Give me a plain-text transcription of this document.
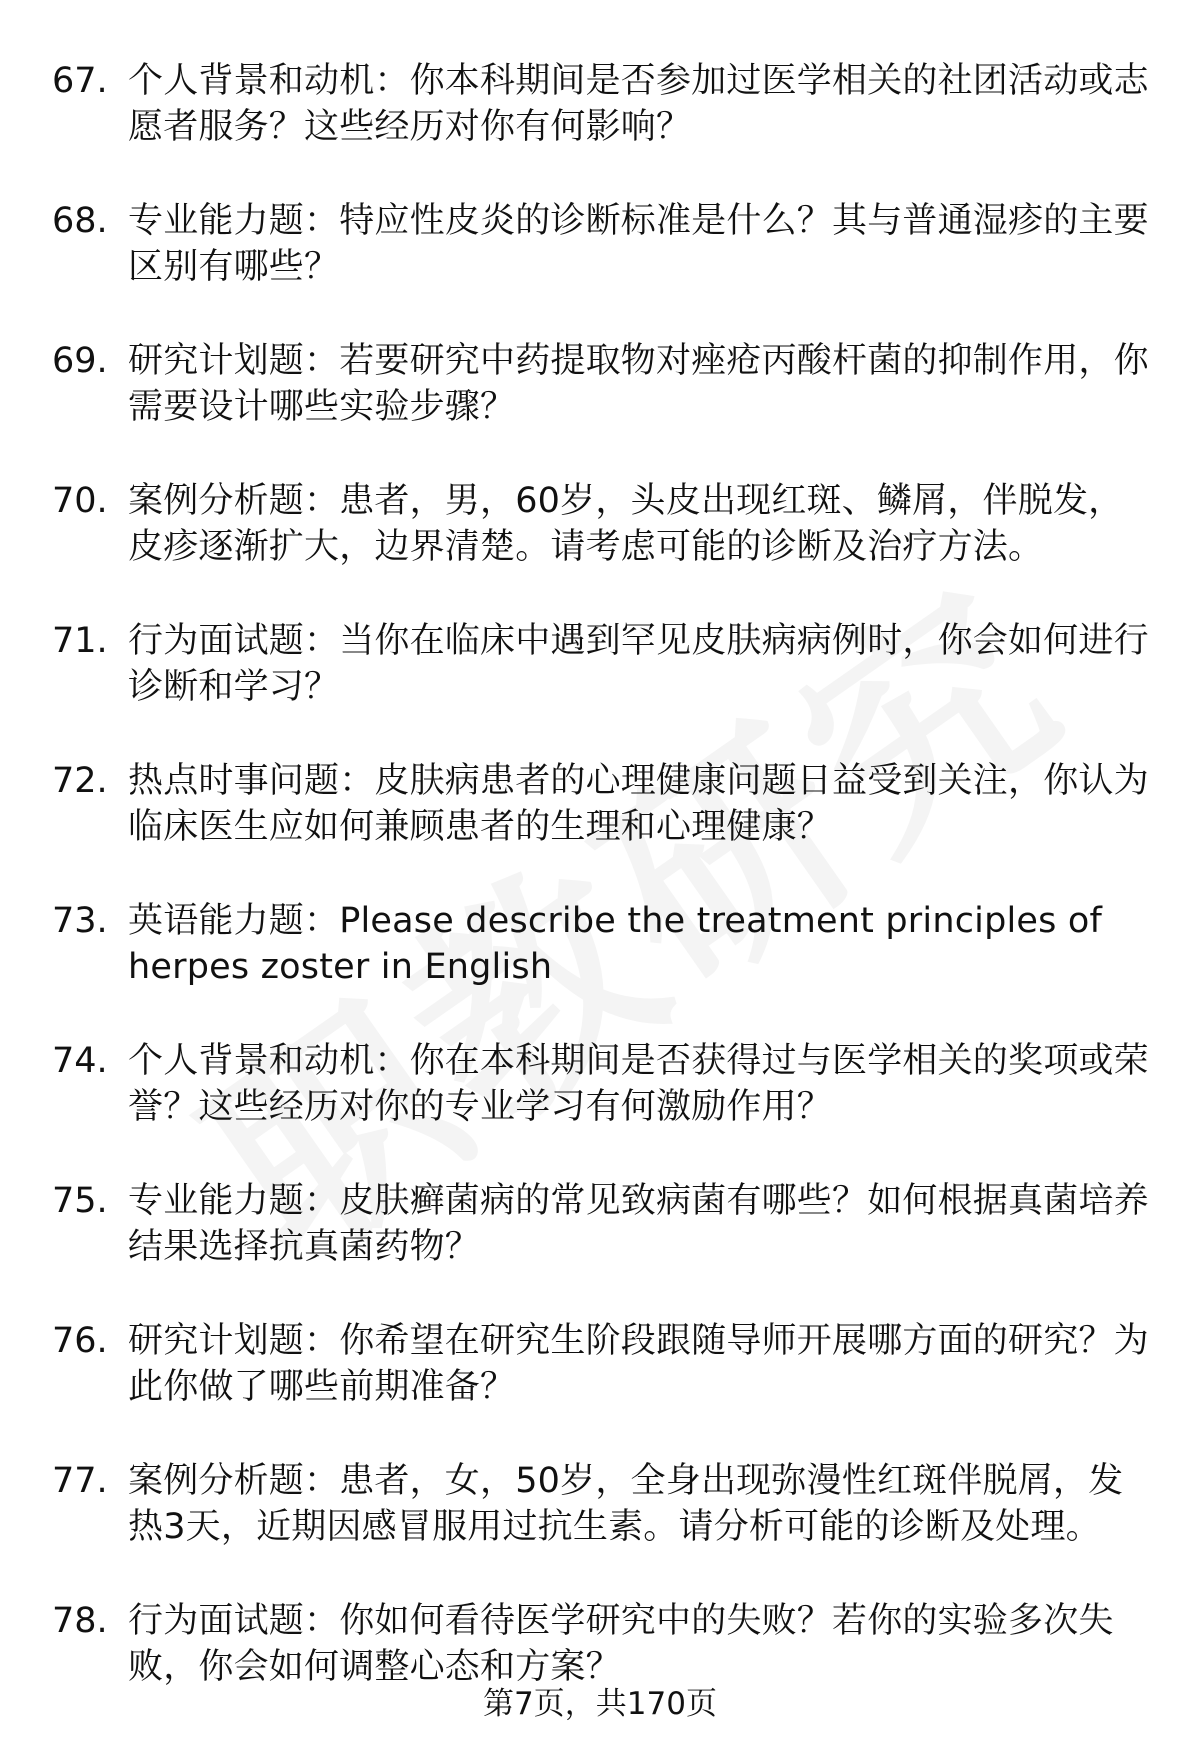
67. 个人背景和动机：你本科期间是否参加过医学相关的社团活动或志愿者服务？这些经历对你有何影响？
68. 专业能力题：特应性皮炎的诊断标准是什么？其与普通湿疹的主要区别有哪些？
69. 研究计划题：若要研究中药提取物对痤疮丙酸杆菌的抑制作用，你需要设计哪些实验步骤？
70. 案例分析题：患者，男，60岁，头皮出现红斑、鳞屑，伴脱发，皮疹逐渐扩大，边界清楚。请考虑可能的诊断及治疗方法。
71. 行为面试题：当你在临床中遇到罕见皮肤病病例时，你会如何进行诊断和学习？
72. 热点时事问题：皮肤病患者的心理健康问题日益受到关注，你认为临床医生应如何兼顾患者的生理和心理健康？
73. 英语能力题：Please describe the treatment principles of herpes zoster in English
74. 个人背景和动机：你在本科期间是否获得过与医学相关的奖项或荣誉？这些经历对你的专业学习有何激励作用？
75. 专业能力题：皮肤癣菌病的常见致病菌有哪些？如何根据真菌培养结果选择抗真菌药物？
76. 研究计划题：你希望在研究生阶段跟随导师开展哪方面的研究？为此你做了哪些前期准备？
77. 案例分析题：患者，女，50岁，全身出现弥漫性红斑伴脱屑，发热3天，近期因感冒服用过抗生素。请分析可能的诊断及处理。
78. 行为面试题：你如何看待医学研究中的失败？若你的实验多次失败，你会如何调整心态和方案？
第7页，共170页
